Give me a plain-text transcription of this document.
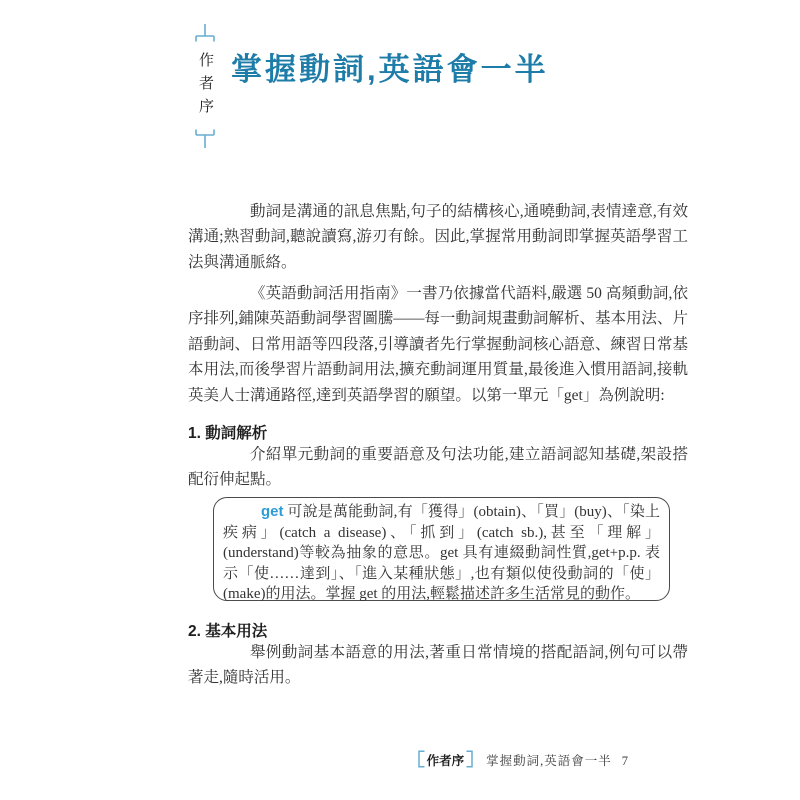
作者序 掌握動詞,英語會一半

動詞是溝通的訊息焦點,句子的結構核心,通曉動詞,表情達意,有效溝通;熟習動詞,聽說讀寫,游刃有餘。因此,掌握常用動詞即掌握英語學習工法與溝通脈絡。

《英語動詞活用指南》一書乃依據當代語料,嚴選 50 高頻動詞,依序排列,鋪陳英語動詞學習圖騰——每一動詞規畫動詞解析、基本用法、片語動詞、日常用語等四段落,引導讀者先行掌握動詞核心語意、練習日常基本用法,而後學習片語動詞用法,擴充動詞運用質量,最後進入慣用語詞,接軌英美人士溝通路徑,達到英語學習的願望。以第一單元「get」為例說明:

1. 動詞解析

介紹單元動詞的重要語意及句法功能,建立語詞認知基礎,架設搭配衍伸起點。

get 可說是萬能動詞,有「獲得」(obtain)、「買」(buy)、「染上疾病」(catch a disease)、「抓到」(catch sb.),甚至「理解」(understand)等較為抽象的意思。get 具有連綴動詞性質,get+p.p. 表示「使……達到」、「進入某種狀態」,也有類似使役動詞的「使」(make)的用法。掌握 get 的用法,輕鬆描述許多生活常見的動作。

2. 基本用法

舉例動詞基本語意的用法,著重日常情境的搭配語詞,例句可以帶著走,隨時活用。

作者序 掌握動詞,英語會一半 7
